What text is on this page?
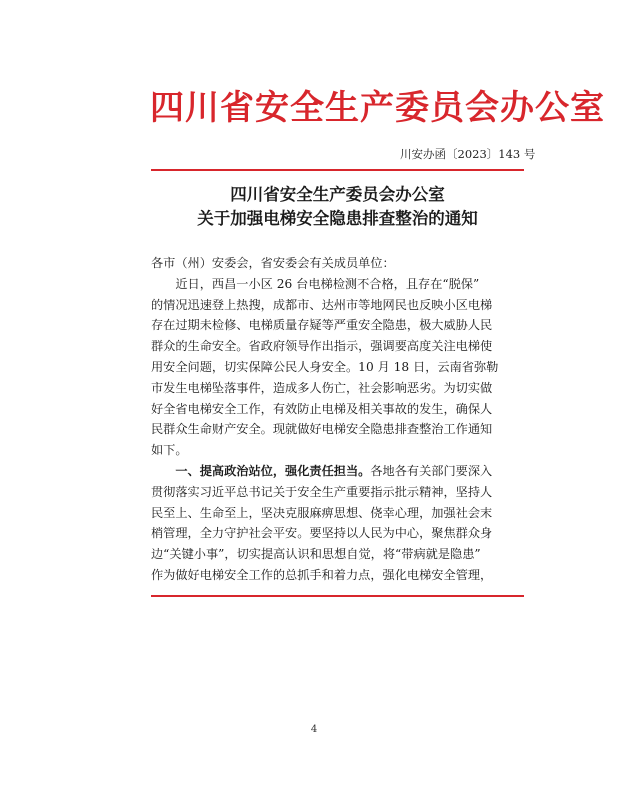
四川省安全生产委员会办公室
川安办函〔2023〕143 号
四川省安全生产委员会办公室
关于加强电梯安全隐患排查整治的通知
各市（州）安委会，省安委会有关成员单位：
　　近日，西昌一小区 26 台电梯检测不合格，且存在“脱保”
的情况迅速登上热搜，成都市、达州市等地网民也反映小区电梯
存在过期未检修、电梯质量存疑等严重安全隐患，极大威胁人民
群众的生命安全。省政府领导作出指示，强调要高度关注电梯使
用安全问题，切实保障公民人身安全。10 月 18 日，云南省弥勒
市发生电梯坠落事件，造成多人伤亡，社会影响恶劣。为切实做
好全省电梯安全工作，有效防止电梯及相关事故的发生，确保人
民群众生命财产安全。现就做好电梯安全隐患排查整治工作通知
如下。
　　一、提高政治站位，强化责任担当。各地各有关部门要深入
贯彻落实习近平总书记关于安全生产重要指示批示精神，坚持人
民至上、生命至上，坚决克服麻痹思想、侥幸心理，加强社会末
梢管理，全力守护社会平安。要坚持以人民为中心，聚焦群众身
边“关键小事”，切实提高认识和思想自觉，将“带病就是隐患”
作为做好电梯安全工作的总抓手和着力点，强化电梯安全管理，
4
